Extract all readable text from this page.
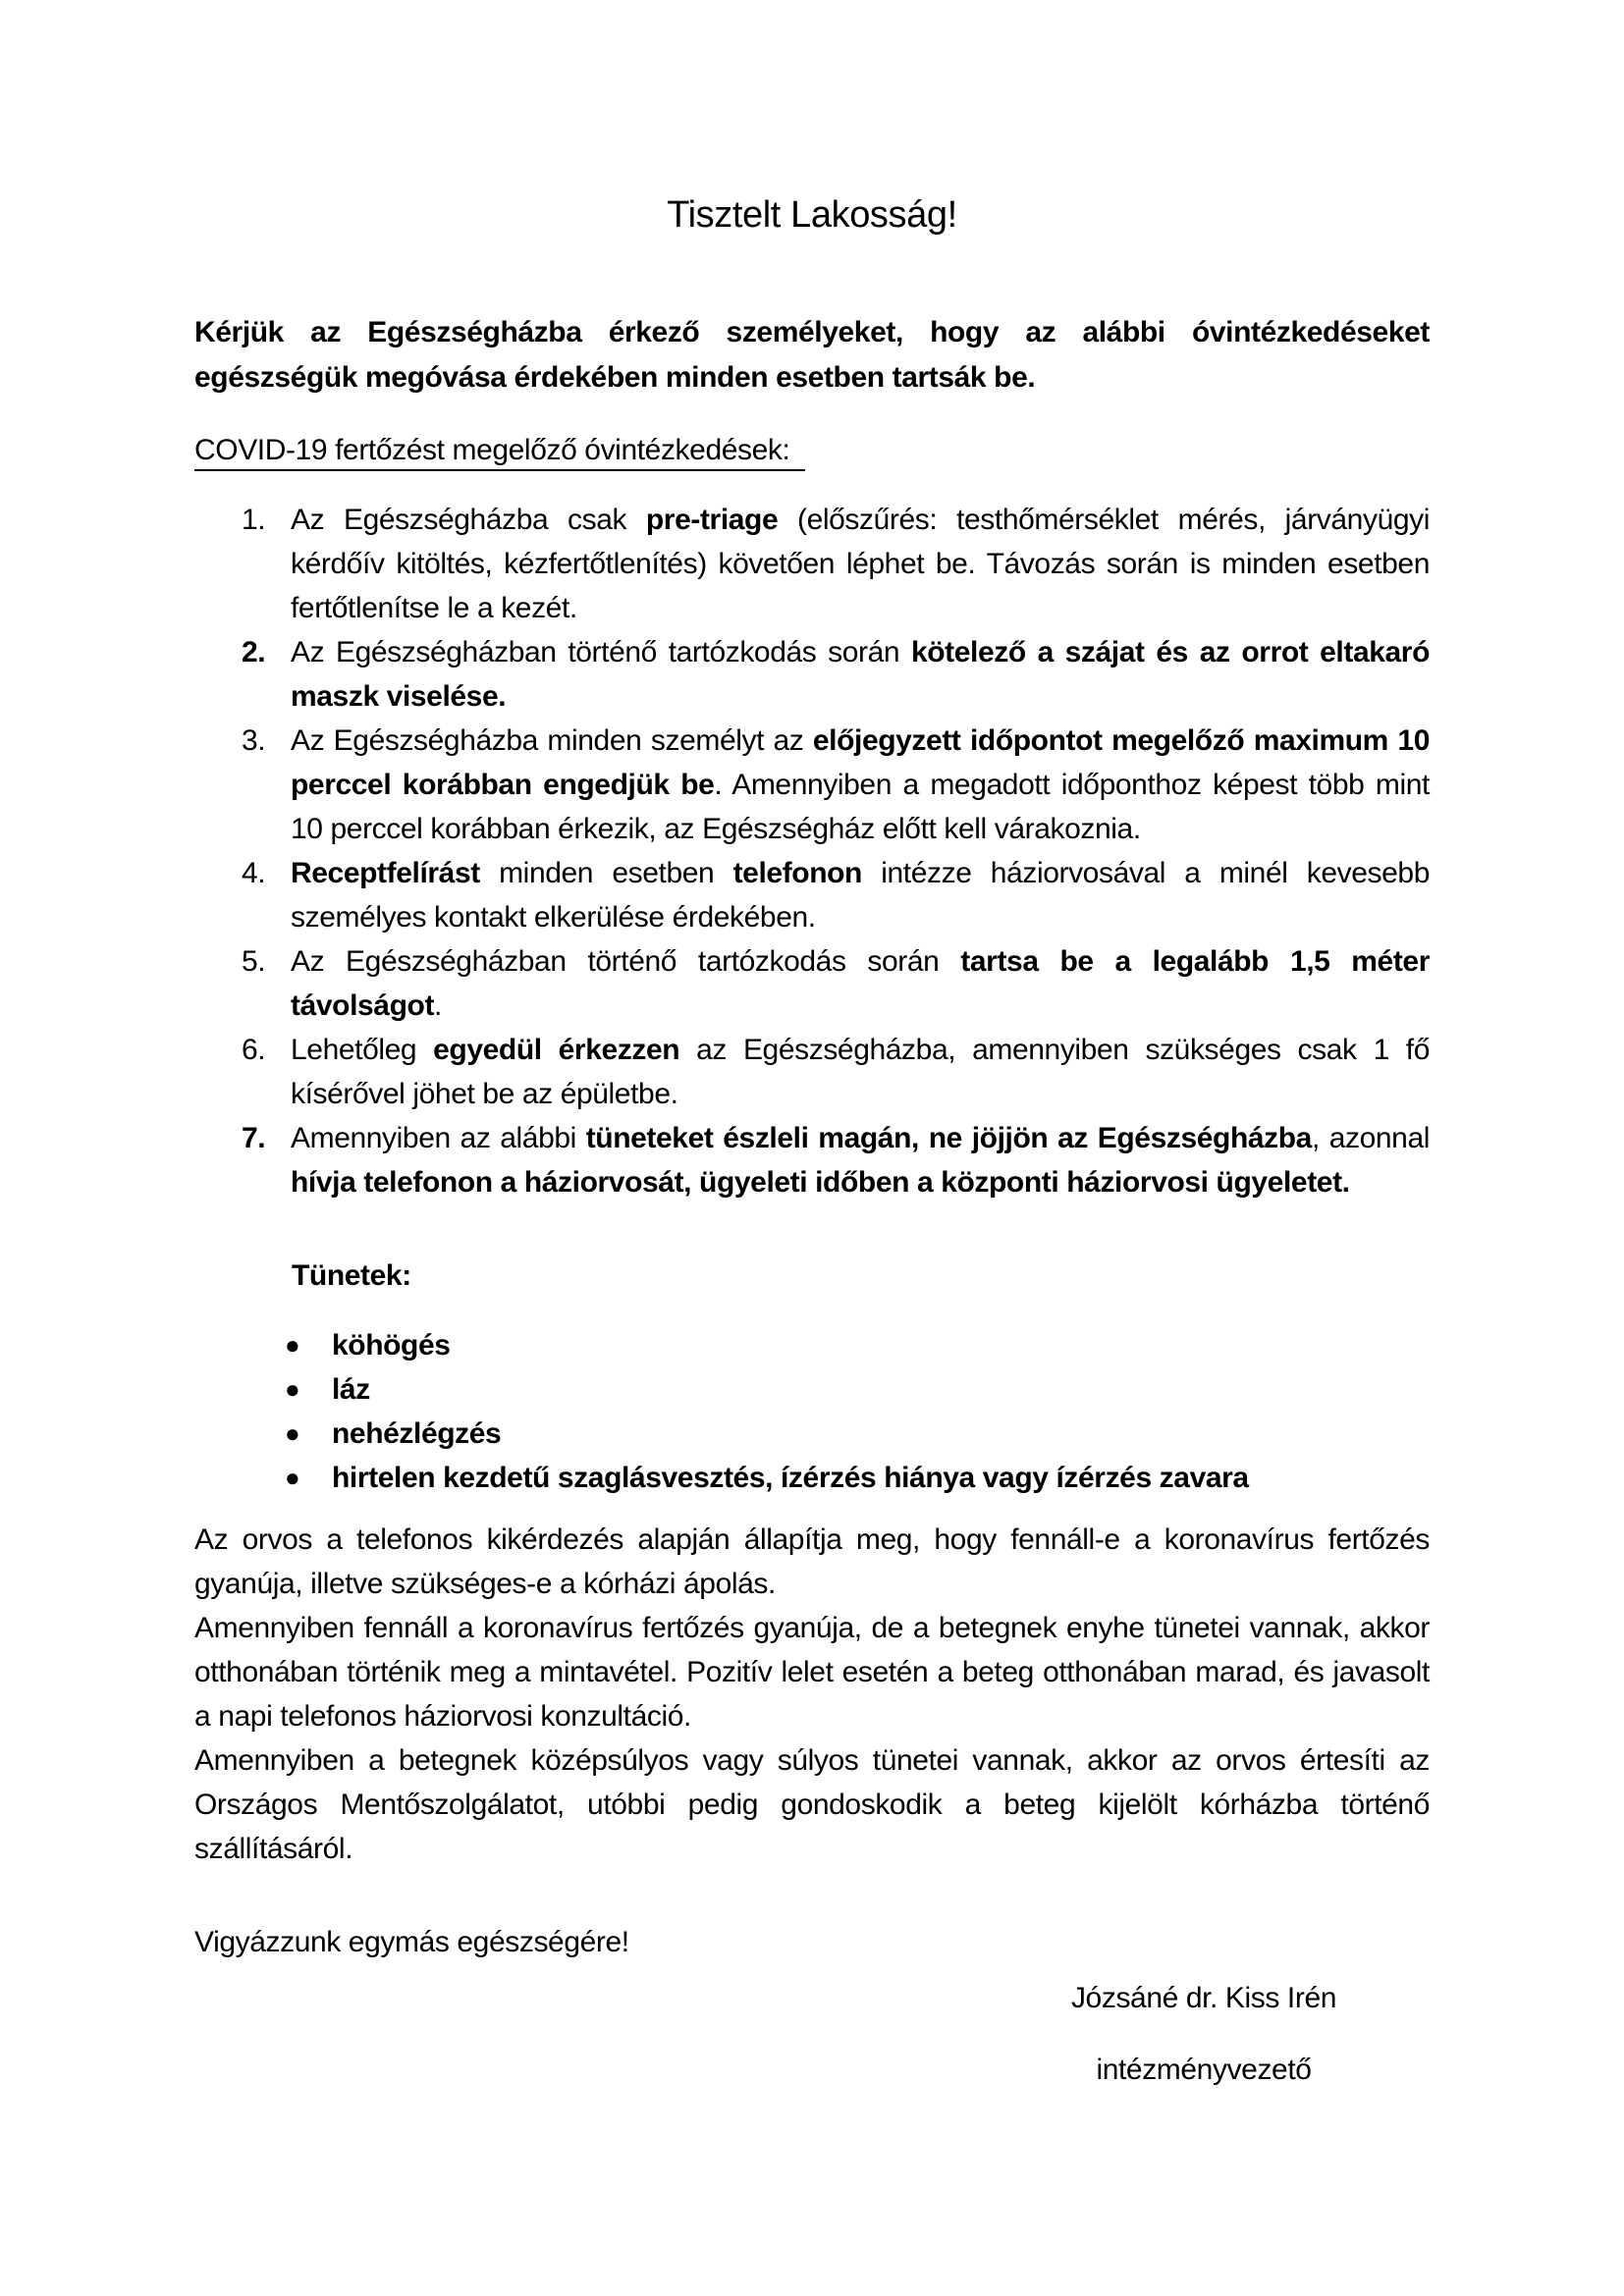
Tisztelt Lakosság!

Kérjük az Egészségházba érkező személyeket, hogy az alábbi óvintézkedéseket egészségük megóvása érdekében minden esetben tartsák be.

COVID-19 fertőzést megelőző óvintézkedések:

1. Az Egészségházba csak pre-triage (előszűrés: testhőmérséklet mérés, járványügyi kérdőív kitöltés, kézfertőtlenítés) követően léphet be. Távozás során is minden esetben fertőtlenítse le a kezét.
2. Az Egészségházban történő tartózkodás során kötelező a szájat és az orrot eltakaró maszk viselése.
3. Az Egészségházba minden személyt az előjegyzett időpontot megelőző maximum 10 perccel korábban engedjük be. Amennyiben a megadott időponthoz képest több mint 10 perccel korábban érkezik, az Egészségház előtt kell várakoznia.
4. Receptfelírást minden esetben telefonon intézze háziorvosával a minél kevesebb személyes kontakt elkerülése érdekében.
5. Az Egészségházban történő tartózkodás során tartsa be a legalább 1,5 méter távolságot.
6. Lehetőleg egyedül érkezzen az Egészségházba, amennyiben szükséges csak 1 fő kísérővel jöhet be az épületbe.
7. Amennyiben az alábbi tüneteket észleli magán, ne jöjjön az Egészségházba, azonnal hívja telefonon a háziorvosát, ügyeleti időben a központi háziorvosi ügyeletet.

Tünetek:

●	köhögés
●	láz
●	nehézlégzés
●	hirtelen kezdetű szaglásvesztés, ízérzés hiánya vagy ízérzés zavara

Az orvos a telefonos kikérdezés alapján állapítja meg, hogy fennáll-e a koronavírus fertőzés gyanúja, illetve szükséges-e a kórházi ápolás.

Amennyiben fennáll a koronavírus fertőzés gyanúja, de a betegnek enyhe tünetei vannak, akkor otthonában történik meg a mintavétel. Pozitív lelet esetén a beteg otthonában marad, és javasolt a napi telefonos háziorvosi konzultáció.

Amennyiben a betegnek középsúlyos vagy súlyos tünetei vannak, akkor az orvos értesíti az Országos Mentőszolgálatot, utóbbi pedig gondoskodik a beteg kijelölt kórházba történő szállításáról.

Vigyázzunk egymás egészségére!

Józsáné dr. Kiss Irén

intézményvezető
